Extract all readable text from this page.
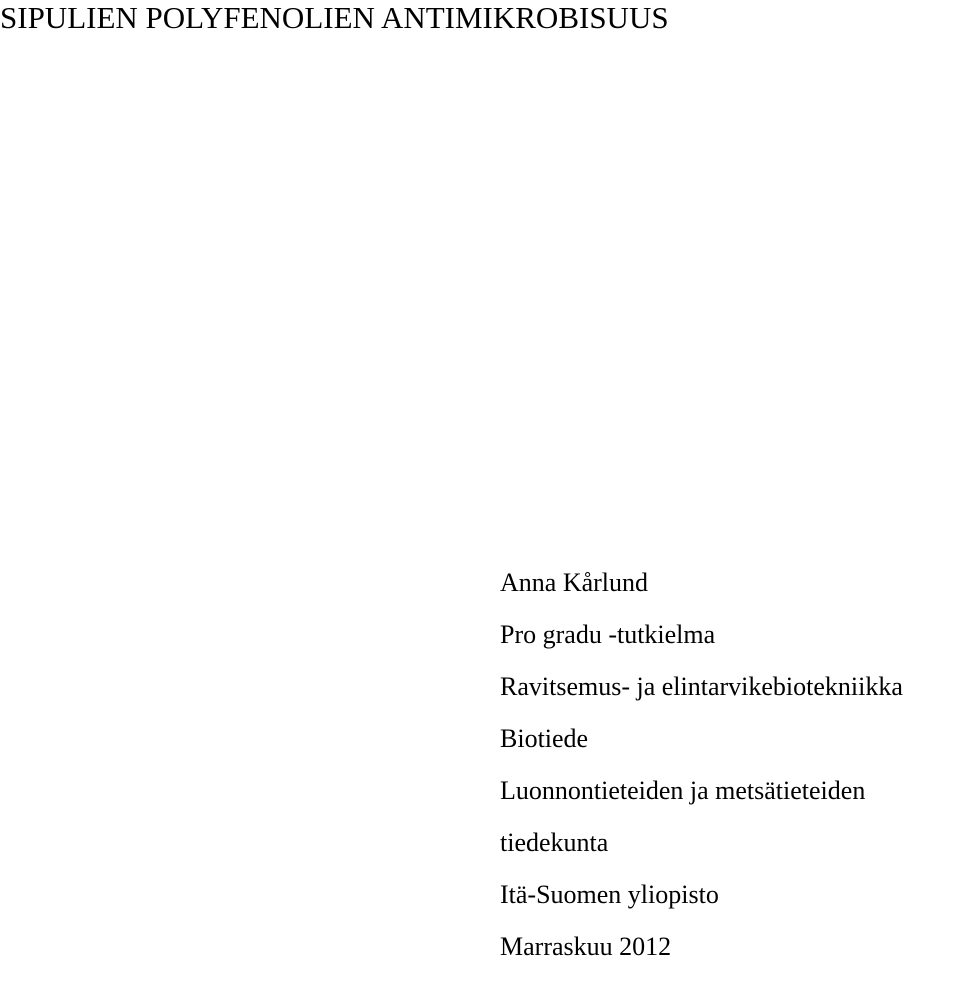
SIPULIEN POLYFENOLIEN ANTIMIKROBISUUS
Anna Kårlund
Pro gradu -tutkielma
Ravitsemus- ja elintarvikebiotekniikka
Biotiede
Luonnontieteiden ja metsätieteiden
tiedekunta
Itä-Suomen yliopisto
Marraskuu 2012
